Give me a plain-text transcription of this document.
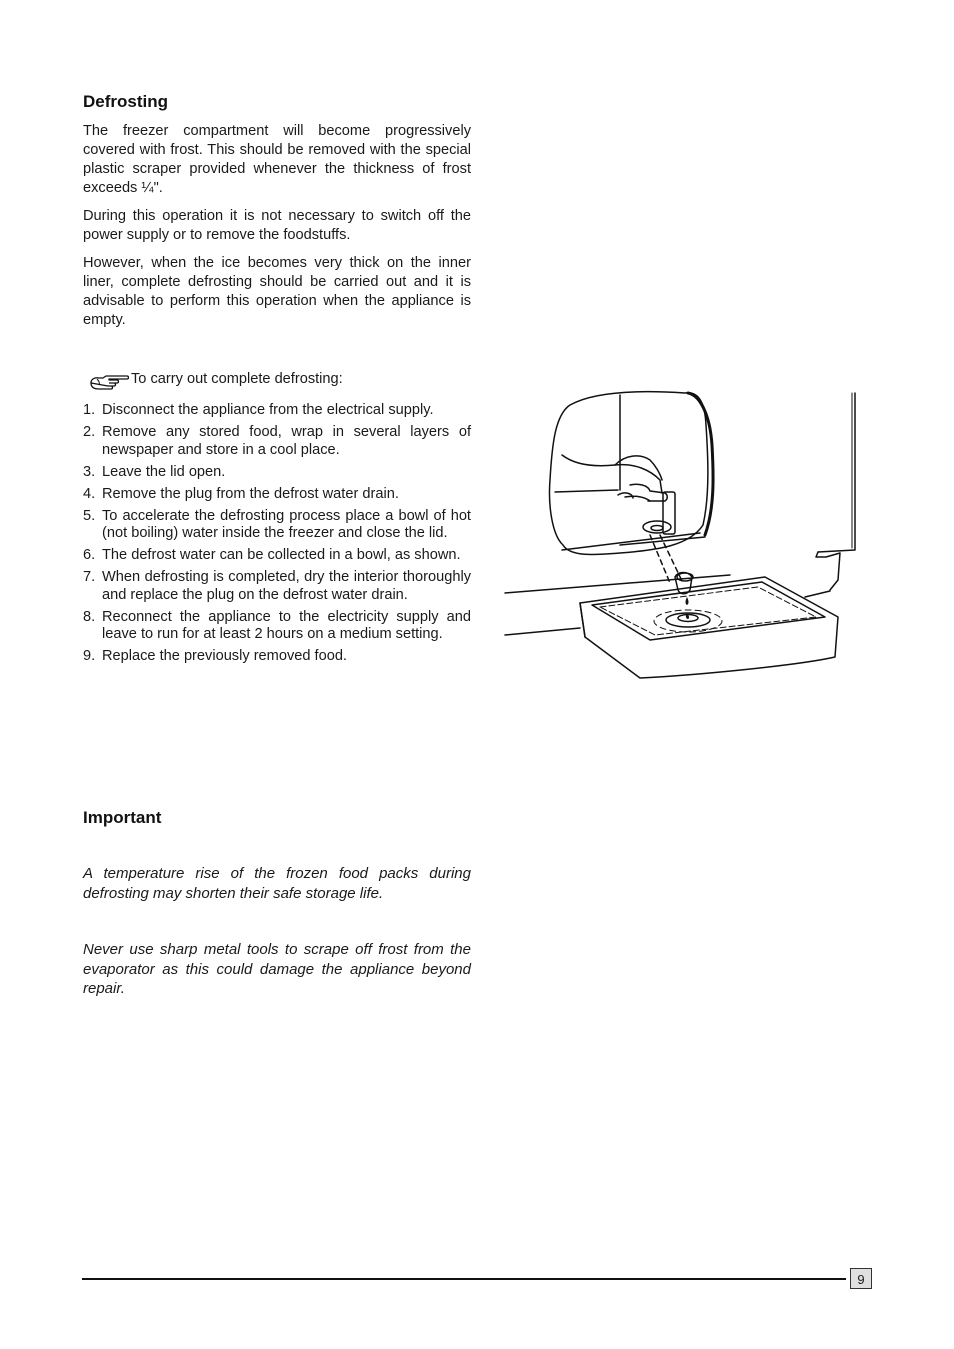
Defrosting

The freezer compartment will become progressively covered with frost. This should be removed with the special plastic scraper provided whenever the thickness of frost exceeds ¼".

During this operation it is not necessary to switch off the power supply or to remove the foodstuffs.

However, when the ice becomes very thick on the inner liner, complete defrosting should be carried out and it is advisable to perform this operation when the appliance is empty.

To carry out complete defrosting:
1. Disconnect the appliance from the electrical supply.
2. Remove any stored food, wrap in several layers of newspaper and store in a cool place.
3. Leave the lid open.
4. Remove the plug from the defrost water drain.
5. To accelerate the defrosting process place a bowl of hot (not boiling) water inside the freezer and close the lid.
6. The defrost water can be collected in a bowl, as shown.
7. When defrosting is completed, dry the interior thoroughly and replace the plug on the defrost water drain.
8. Reconnect the appliance to the electricity supply and leave to run for at least 2 hours on a medium setting.
9. Replace the previously removed food.
Important

A temperature rise of the frozen food packs during defrosting may shorten their safe storage life.

Never use sharp metal tools to scrape off frost from the evaporator as this could damage the appliance beyond repair.

9
